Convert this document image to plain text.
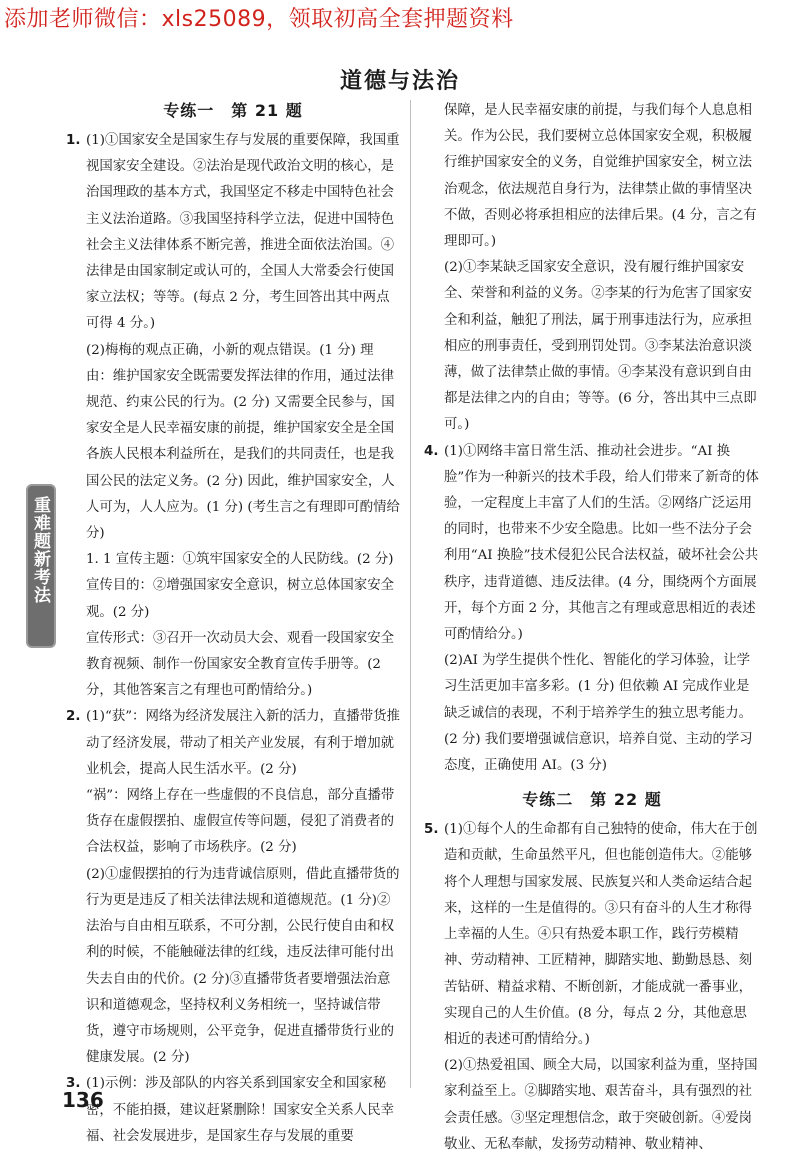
添加老师微信：xls25089，领取初高全套押题资料
道德与法治
重难题新考法
专练一　第 21 题
1. (1)①国家安全是国家生存与发展的重要保障，我国重视国家安全建设。②法治是现代政治文明的核心，是治国理政的基本方式，我国坚定不移走中国特色社会主义法治道路。③我国坚持科学立法，促进中国特色社会主义法律体系不断完善，推进全面依法治国。④法律是由国家制定或认可的，全国人大常委会行使国家立法权；等等。(每点 2 分，考生回答出其中两点可得 4 分。)

(2)梅梅的观点正确，小新的观点错误。(1 分) 理由：维护国家安全既需要发挥法律的作用，通过法律规范、约束公民的行为。(2 分) 又需要全民参与，国家安全是人民幸福安康的前提，维护国家安全是全国各族人民根本利益所在，是我们的共同责任，也是我国公民的法定义务。(2 分) 因此，维护国家安全，人人可为，人人应为。(1 分) (考生言之有理即可酌情给分)

1. 1 宣传主题：①筑牢国家安全的人民防线。(2 分)

宣传目的：②增强国家安全意识，树立总体国家安全观。(2 分)

宣传形式：③召开一次动员大会、观看一段国家安全教育视频、制作一份国家安全教育宣传手册等。(2 分，其他答案言之有理也可酌情给分。)

2. (1)“获”：网络为经济发展注入新的活力，直播带货推动了经济发展，带动了相关产业发展，有利于增加就业机会，提高人民生活水平。(2 分)

“祸”：网络上存在一些虚假的不良信息，部分直播带货存在虚假摆拍、虚假宣传等问题，侵犯了消费者的合法权益，影响了市场秩序。(2 分)

(2)①虚假摆拍的行为违背诚信原则，借此直播带货的行为更是违反了相关法律法规和道德规范。(1 分)②法治与自由相互联系，不可分割，公民行使自由和权利的时候，不能触碰法律的红线，违反法律可能付出失去自由的代价。(2 分)③直播带货者要增强法治意识和道德观念，坚持权利义务相统一，坚持诚信带货，遵守市场规则，公平竞争，促进直播带货行业的健康发展。(2 分)

3. (1)示例：涉及部队的内容关系到国家安全和国家秘密，不能拍摄，建议赶紧删除！国家安全关系人民幸福、社会发展进步，是国家生存与发展的重要

保障，是人民幸福安康的前提，与我们每个人息息相关。作为公民，我们要树立总体国家安全观，积极履行维护国家安全的义务，自觉维护国家安全，树立法治观念，依法规范自身行为，法律禁止做的事情坚决不做，否则必将承担相应的法律后果。(4 分，言之有理即可。)

(2)①李某缺乏国家安全意识，没有履行维护国家安全、荣誉和利益的义务。②李某的行为危害了国家安全和利益，触犯了刑法，属于刑事违法行为，应承担相应的刑事责任，受到刑罚处罚。③李某法治意识淡薄，做了法律禁止做的事情。④李某没有意识到自由都是法律之内的自由；等等。(6 分，答出其中三点即可。)

4. (1)①网络丰富日常生活、推动社会进步。“AI 换脸”作为一种新兴的技术手段，给人们带来了新奇的体验，一定程度上丰富了人们的生活。②网络广泛运用的同时，也带来不少安全隐患。比如一些不法分子会利用“AI 换脸”技术侵犯公民合法权益，破坏社会公共秩序，违背道德、违反法律。(4 分，围绕两个方面展开，每个方面 2 分，其他言之有理或意思相近的表述可酌情给分。)

(2)AI 为学生提供个性化、智能化的学习体验，让学习生活更加丰富多彩。(1 分) 但依赖 AI 完成作业是缺乏诚信的表现，不利于培养学生的独立思考能力。(2 分) 我们要增强诚信意识，培养自觉、主动的学习态度，正确使用 AI。(3 分)

专练二　第 22 题
5. (1)①每个人的生命都有自己独特的使命，伟大在于创造和贡献，生命虽然平凡，但也能创造伟大。②能够将个人理想与国家发展、民族复兴和人类命运结合起来，这样的一生是值得的。③只有奋斗的人生才称得上幸福的人生。④只有热爱本职工作，践行劳模精神、劳动精神、工匠精神，脚踏实地、勤勤恳恳、刻苦钻研、精益求精、不断创新，才能成就一番事业，实现自己的人生价值。(8 分，每点 2 分，其他意思相近的表述可酌情给分。)

(2)①热爱祖国、顾全大局，以国家利益为重，坚持国家利益至上。②脚踏实地、艰苦奋斗，具有强烈的社会责任感。③坚定理想信念，敢于突破创新。④爱岗敬业、无私奉献，发扬劳动精神、敬业精神、

136
